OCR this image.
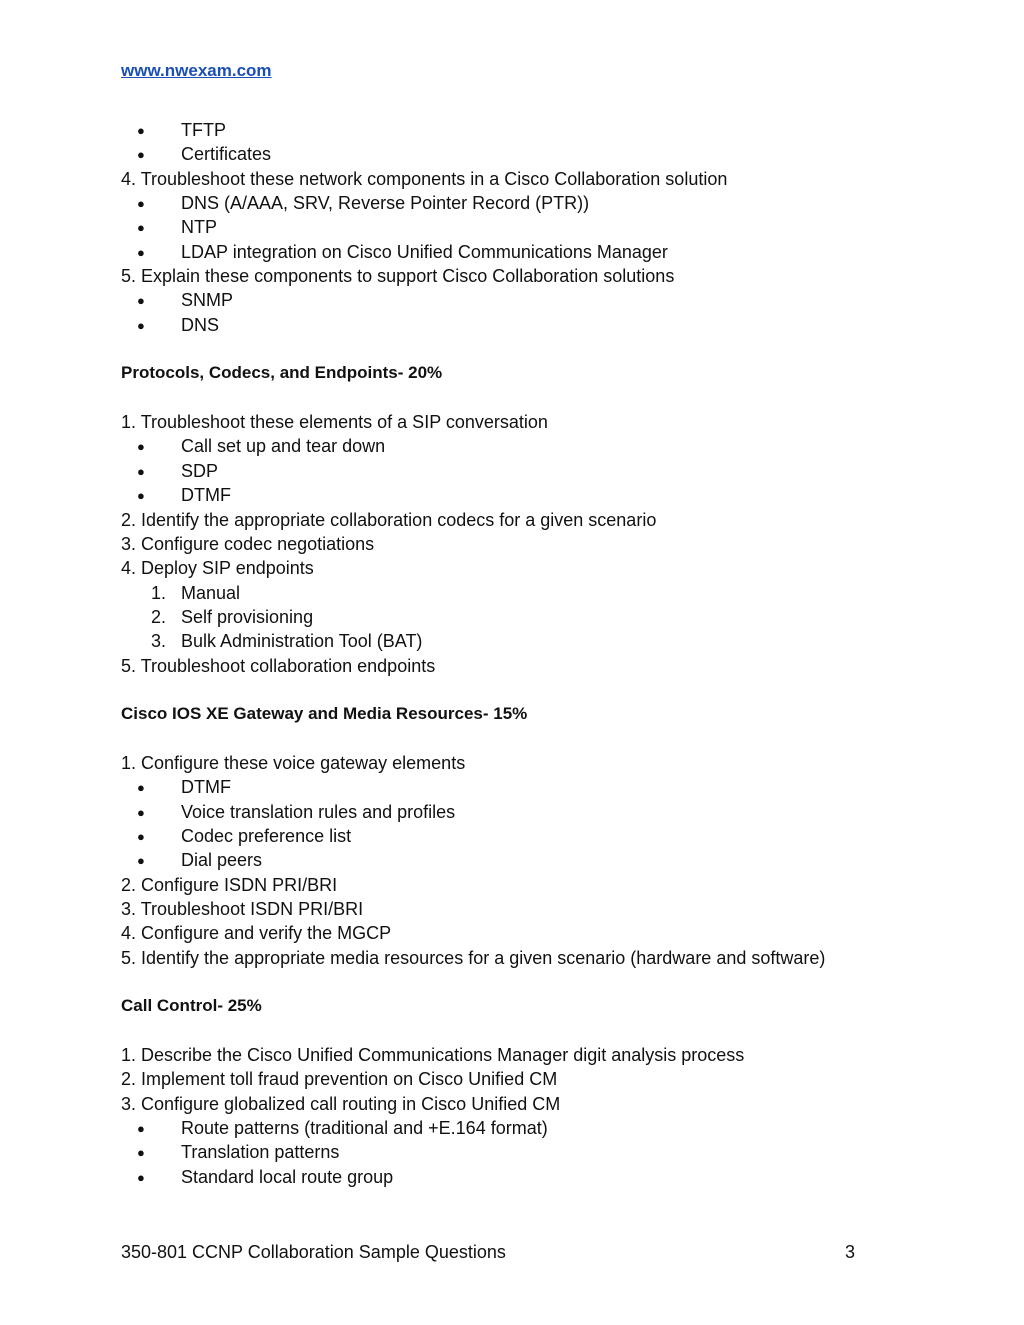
www.nwexam.com
● TFTP
● Certificates
4. Troubleshoot these network components in a Cisco Collaboration solution
● DNS (A/AAA, SRV, Reverse Pointer Record (PTR))
● NTP
● LDAP integration on Cisco Unified Communications Manager
5. Explain these components to support Cisco Collaboration solutions
● SNMP
● DNS
Protocols, Codecs, and Endpoints- 20%
1. Troubleshoot these elements of a SIP conversation
● Call set up and tear down
● SDP
● DTMF
2. Identify the appropriate collaboration codecs for a given scenario
3. Configure codec negotiations
4. Deploy SIP endpoints
1. Manual
2. Self provisioning
3. Bulk Administration Tool (BAT)
5. Troubleshoot collaboration endpoints
Cisco IOS XE Gateway and Media Resources- 15%
1. Configure these voice gateway elements
● DTMF
● Voice translation rules and profiles
● Codec preference list
● Dial peers
2. Configure ISDN PRI/BRI
3. Troubleshoot ISDN PRI/BRI
4. Configure and verify the MGCP
5. Identify the appropriate media resources for a given scenario (hardware and software)
Call Control- 25%
1. Describe the Cisco Unified Communications Manager digit analysis process
2. Implement toll fraud prevention on Cisco Unified CM
3. Configure globalized call routing in Cisco Unified CM
● Route patterns (traditional and +E.164 format)
● Translation patterns
● Standard local route group
350-801 CCNP Collaboration Sample Questions	3
